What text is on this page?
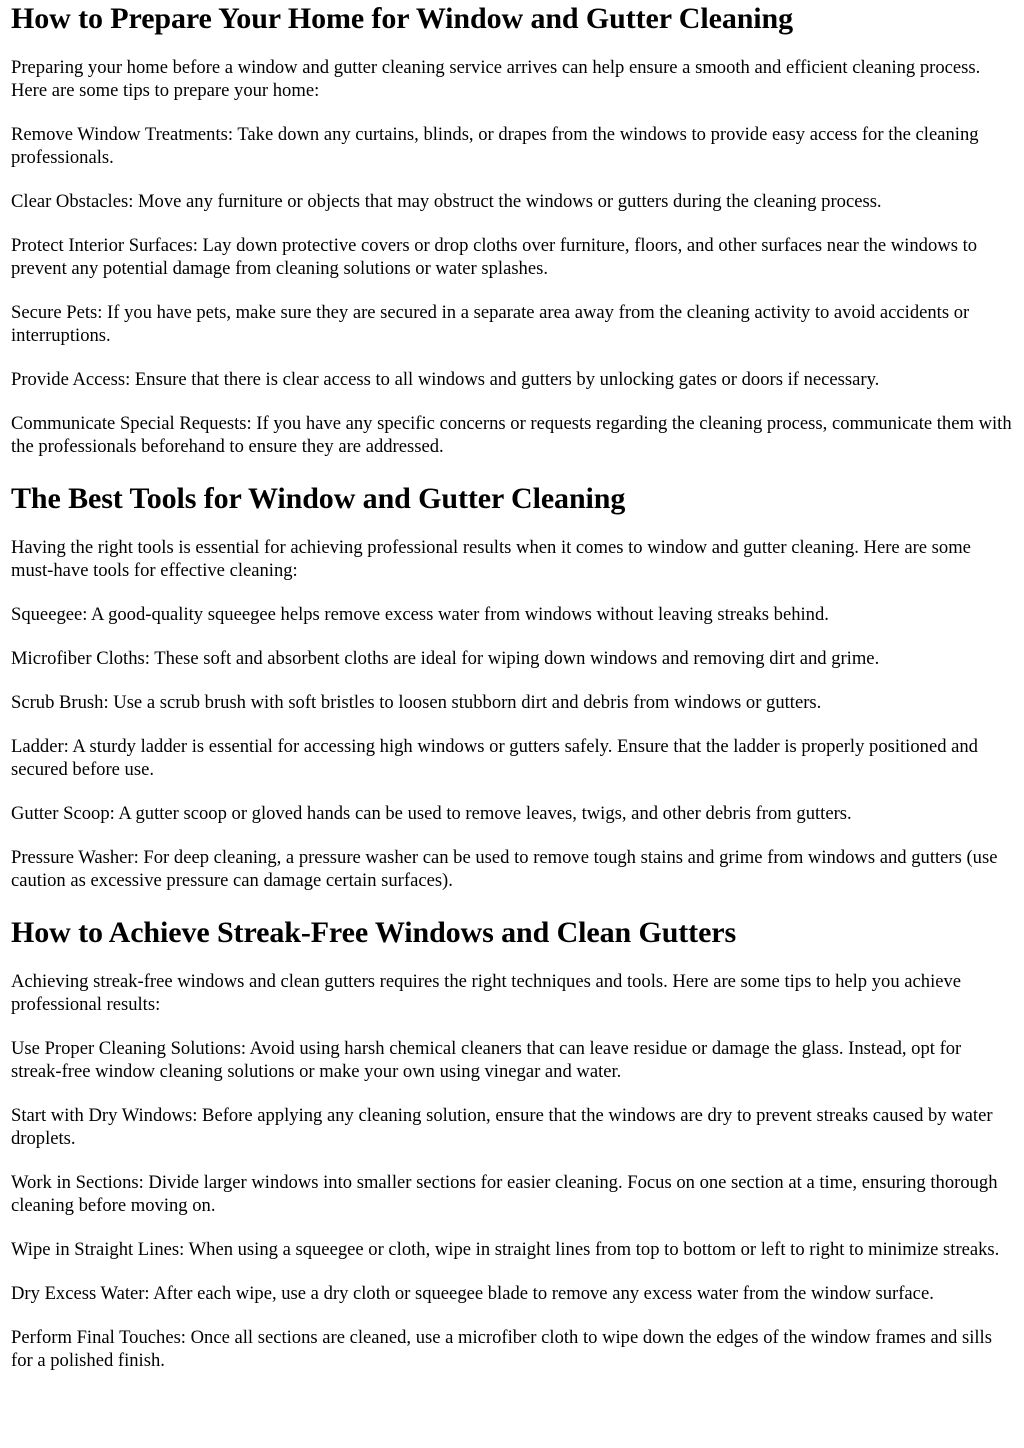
How to Prepare Your Home for Window and Gutter Cleaning

Preparing your home before a window and gutter cleaning service arrives can help ensure a smooth and efficient cleaning process. Here are some tips to prepare your home:

Remove Window Treatments: Take down any curtains, blinds, or drapes from the windows to provide easy access for the cleaning professionals.

Clear Obstacles: Move any furniture or objects that may obstruct the windows or gutters during the cleaning process.

Protect Interior Surfaces: Lay down protective covers or drop cloths over furniture, floors, and other surfaces near the windows to prevent any potential damage from cleaning solutions or water splashes.

Secure Pets: If you have pets, make sure they are secured in a separate area away from the cleaning activity to avoid accidents or interruptions.

Provide Access: Ensure that there is clear access to all windows and gutters by unlocking gates or doors if necessary.

Communicate Special Requests: If you have any specific concerns or requests regarding the cleaning process, communicate them with the professionals beforehand to ensure they are addressed.

The Best Tools for Window and Gutter Cleaning

Having the right tools is essential for achieving professional results when it comes to window and gutter cleaning. Here are some must-have tools for effective cleaning:

Squeegee: A good-quality squeegee helps remove excess water from windows without leaving streaks behind.

Microfiber Cloths: These soft and absorbent cloths are ideal for wiping down windows and removing dirt and grime.

Scrub Brush: Use a scrub brush with soft bristles to loosen stubborn dirt and debris from windows or gutters.

Ladder: A sturdy ladder is essential for accessing high windows or gutters safely. Ensure that the ladder is properly positioned and secured before use.

Gutter Scoop: A gutter scoop or gloved hands can be used to remove leaves, twigs, and other debris from gutters.

Pressure Washer: For deep cleaning, a pressure washer can be used to remove tough stains and grime from windows and gutters (use caution as excessive pressure can damage certain surfaces).

How to Achieve Streak-Free Windows and Clean Gutters

Achieving streak-free windows and clean gutters requires the right techniques and tools. Here are some tips to help you achieve professional results:

Use Proper Cleaning Solutions: Avoid using harsh chemical cleaners that can leave residue or damage the glass. Instead, opt for streak-free window cleaning solutions or make your own using vinegar and water.

Start with Dry Windows: Before applying any cleaning solution, ensure that the windows are dry to prevent streaks caused by water droplets.

Work in Sections: Divide larger windows into smaller sections for easier cleaning. Focus on one section at a time, ensuring thorough cleaning before moving on.

Wipe in Straight Lines: When using a squeegee or cloth, wipe in straight lines from top to bottom or left to right to minimize streaks.

Dry Excess Water: After each wipe, use a dry cloth or squeegee blade to remove any excess water from the window surface.

Perform Final Touches: Once all sections are cleaned, use a microfiber cloth to wipe down the edges of the window frames and sills for a polished finish.
